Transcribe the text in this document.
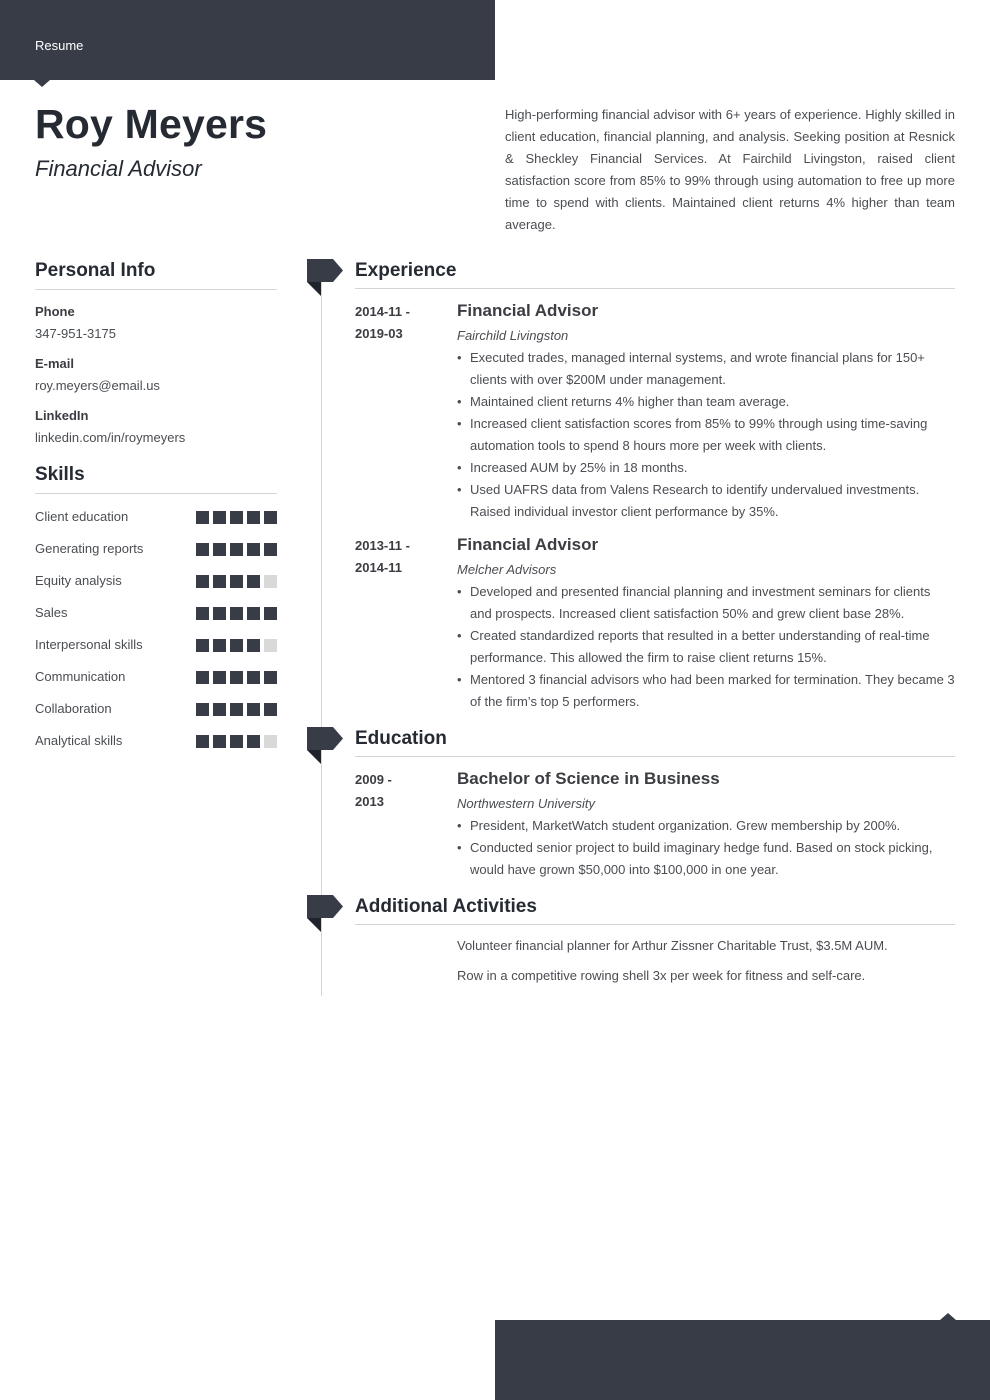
Resume
Roy Meyers
Financial Advisor

High-performing financial advisor with 6+ years of experience. Highly skilled in client education, financial planning, and analysis. Seeking position at Resnick & Sheckley Financial Services. At Fairchild Livingston, raised client satisfaction score from 85% to 99% through using automation to free up more time to spend with clients. Maintained client returns 4% higher than team average.

Personal Info
Phone
347-951-3175
E-mail
roy.meyers@email.us
LinkedIn
linkedin.com/in/roymeyers
Skills
Client education
Generating reports
Equity analysis
Sales
Interpersonal skills
Communication
Collaboration
Analytical skills
Experience
2014-11 -
2019-03
Financial Advisor
Fairchild Livingston
• Executed trades, managed internal systems, and wrote financial plans for 150+ clients with over $200M under management.
• Maintained client returns 4% higher than team average.
• Increased client satisfaction scores from 85% to 99% through using time-saving automation tools to spend 8 hours more per week with clients.
• Increased AUM by 25% in 18 months.
• Used UAFRS data from Valens Research to identify undervalued investments. Raised individual investor client performance by 35%.
2013-11 -
2014-11
Financial Advisor
Melcher Advisors
• Developed and presented financial planning and investment seminars for clients and prospects. Increased client satisfaction 50% and grew client base 28%.
• Created standardized reports that resulted in a better understanding of real-time performance. This allowed the firm to raise client returns 15%.
• Mentored 3 financial advisors who had been marked for termination. They became 3 of the firm’s top 5 performers.
Education
2009 -
2013
Bachelor of Science in Business
Northwestern University
• President, MarketWatch student organization. Grew membership by 200%.
• Conducted senior project to build imaginary hedge fund. Based on stock picking, would have grown $50,000 into $100,000 in one year.
Additional Activities

Volunteer financial planner for Arthur Zissner Charitable Trust, $3.5M AUM.

Row in a competitive rowing shell 3x per week for fitness and self-care.
